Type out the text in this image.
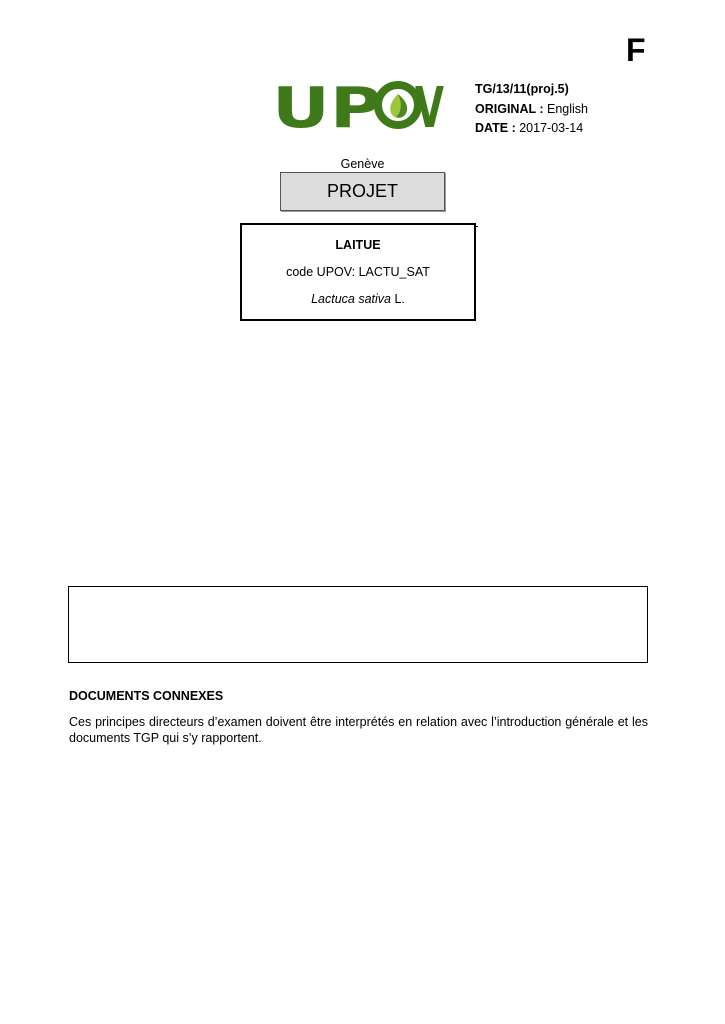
F
UP V TG/13/11(proj.5)
ORIGINAL : English
DATE : 2017-03-14
Genève
PROJET
LAITUE
code UPOV: LACTU_SAT
Lactuca sativa L.
DOCUMENTS CONNEXES
Ces principes directeurs d’examen doivent être interprétés en relation avec l’introduction générale et les documents TGP qui s’y rapportent.
